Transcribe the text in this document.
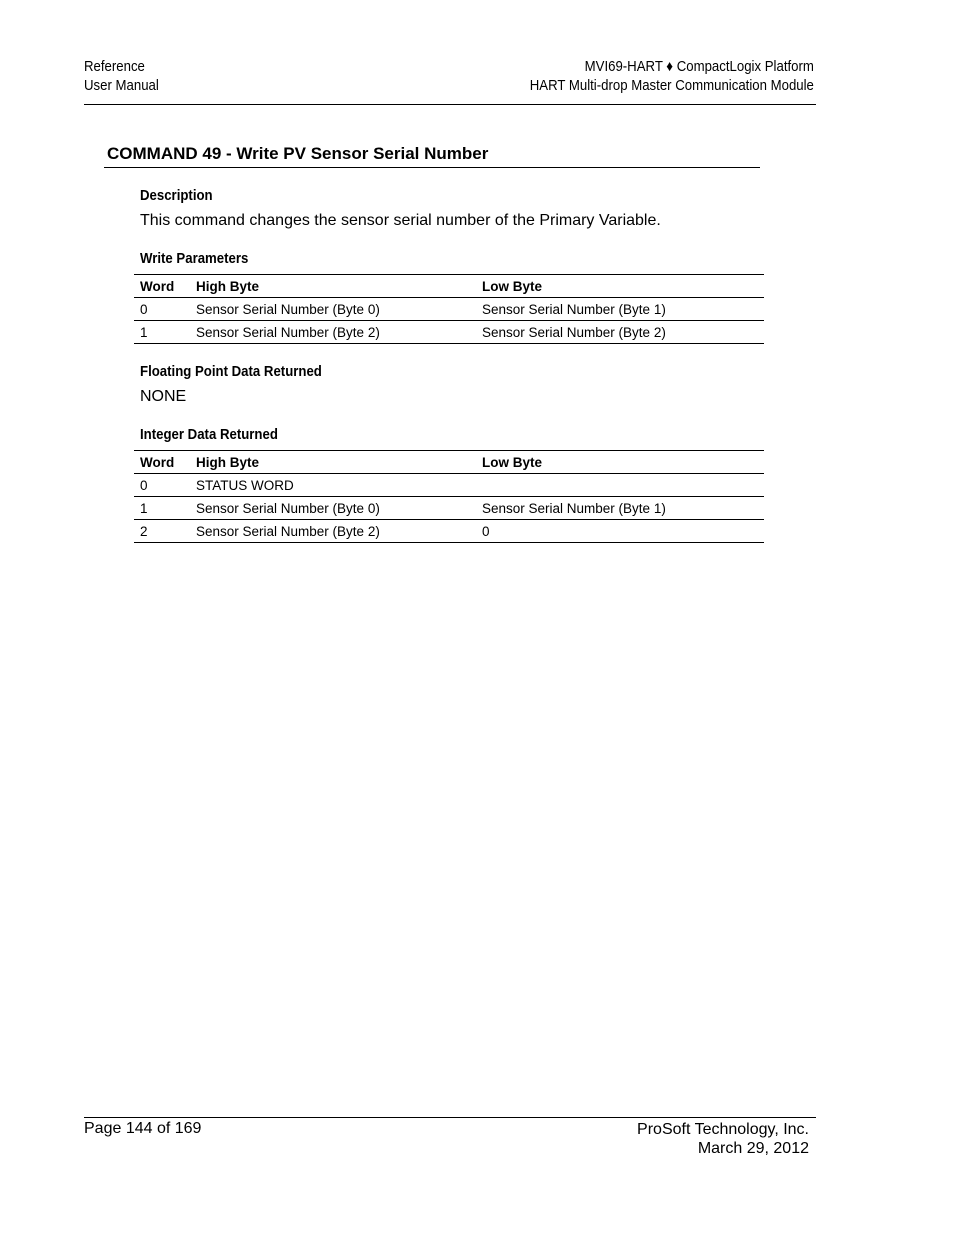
Reference
User Manual
MVI69-HART ♦ CompactLogix Platform
HART Multi-drop Master Communication Module
COMMAND 49 - Write PV Sensor Serial Number
Description
This command changes the sensor serial number of the Primary Variable.
Write Parameters
Word	High Byte	Low Byte
0	Sensor Serial Number (Byte 0)	Sensor Serial Number (Byte 1)
1	Sensor Serial Number (Byte 2)	Sensor Serial Number (Byte 2)
Floating Point Data Returned
NONE
Integer Data Returned
Word	High Byte	Low Byte
0	STATUS WORD	
1	Sensor Serial Number (Byte 0)	Sensor Serial Number (Byte 1)
2	Sensor Serial Number (Byte 2)	0
Page 144 of 169	ProSoft Technology, Inc.
March 29, 2012
